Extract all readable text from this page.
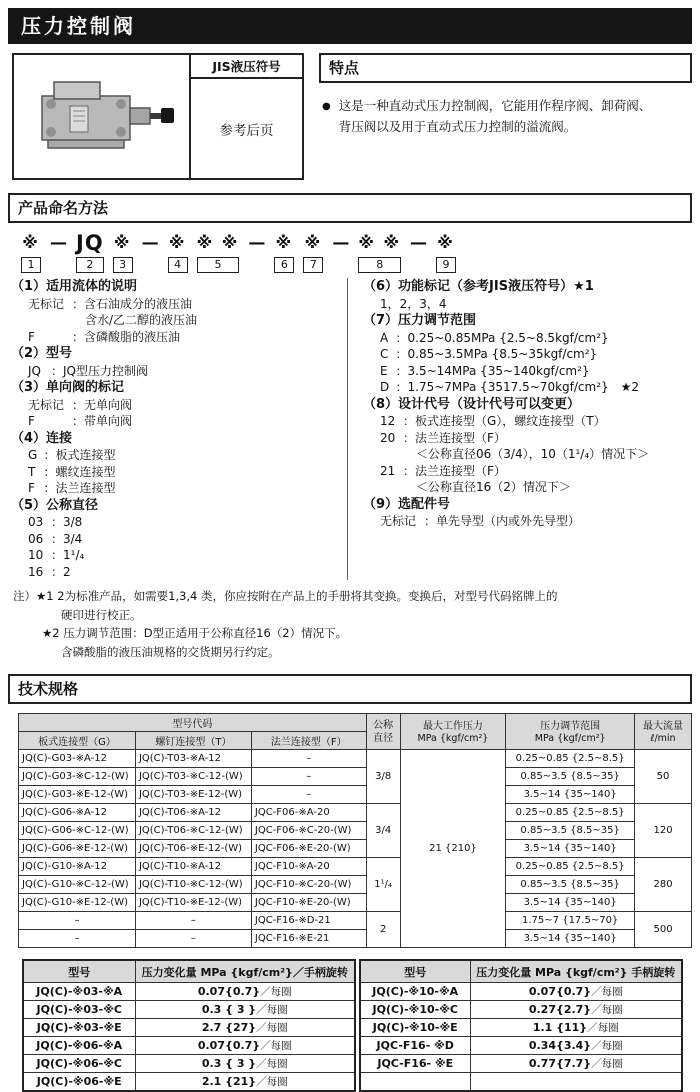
压力控制阀
JIS液压符号
参考后页
特点
● 这是一种直动式压力控制阀，它能用作程序阀、卸荷阀、背压阀以及用于直动式压力控制的溢流阀。
产品命名方法
※
1
— JQ
2
※
3
— ※
4
※ ※
5
— ※
6
※
7
— ※ ※
8
— ※
9
（1）适用流体的说明
无标记 ：含石油成分的液压油
含水/乙二醇的液压油
F	：含磷酸脂的液压油
（2）型号
JQ ：JQ型压力控制阀
（3）单向阀的标记
无标记 ：无单向阀
F	：带单向阀
（4）连接
G ：板式连接型
T ：螺纹连接型
F ：法兰连接型
（5）公称直径
03 ：3/8
06 ：3/4
10 ：1¹/₄
16 ：2
（6）功能标记（参考JIS液压符号）★1
1，2，3，4
（7）压力调节范围
A ：0.25~0.85MPa {2.5~8.5kgf/cm²}
C ：0.85~3.5MPa {8.5~35kgf/cm²}
E ：3.5~14MPa {35~140kgf/cm²}
D ：1.75~7MPa {3517.5~70kgf/cm²}　★2
（8）设计代号（设计代号可以变更）
12 ：板式连接型（G），螺纹连接型（T）
20 ：法兰连接型（F）
＜公称直径06（3/4），10（1¹/₄）情况下＞
21 ：法兰连接型（F）
＜公称直径16（2）情况下＞
（9）选配件号
无标记 ：单先导型（内或外先导型）
注）★1 2为标准产品，如需要1,3,4 类，你应按附在产品上的手册将其变换。变换后，对型号代码铭牌上的
硬印进行校正。
★2 压力调节范围：D型正适用于公称直径16（2）情况下。
含磷酸脂的液压油规格的交货期另行约定。
技术规格
型号代码			公称
直径	最大工作压力
MPa {kgf/cm²}	压力调节范围
MPa {kgf/cm²}	最大流量
ℓ/min

板式连接型（G）	螺钉连接型（T）	法兰连接型（F）				
JQ(C)-G03-※A-12	JQ(C)-T03-※A-12	–	3/8	21 {210}	0.25~0.85 {2.5~8.5}	50
JQ(C)-G03-※C-12-(W)	JQ(C)-T03-※C-12-(W)	–			0.85~3.5 {8.5~35}	
JQ(C)-G03-※E-12-(W)	JQ(C)-T03-※E-12-(W)	–			3.5~14 {35~140}	
JQ(C)-G06-※A-12	JQ(C)-T06-※A-12	JQC-F06-※A-20	3/4		0.25~0.85 {2.5~8.5}	120
JQ(C)-G06-※C-12-(W)	JQ(C)-T06-※C-12-(W)	JQC-F06-※C-20-(W)			0.85~3.5 {8.5~35}	
JQ(C)-G06-※E-12-(W)	JQ(C)-T06-※E-12-(W)	JQC-F06-※E-20-(W)			3.5~14 {35~140}	
JQ(C)-G10-※A-12	JQ(C)-T10-※A-12	JQC-F10-※A-20	1¹/₄		0.25~0.85 {2.5~8.5}	280
JQ(C)-G10-※C-12-(W)	JQ(C)-T10-※C-12-(W)	JQC-F10-※C-20-(W)			0.85~3.5 {8.5~35}	
JQ(C)-G10-※E-12-(W)	JQ(C)-T10-※E-12-(W)	JQC-F10-※E-20-(W)			3.5~14 {35~140}	
–	–	JQC-F16-※D-21	2		1.75~7 {17.5~70}	500
–	–	JQC-F16-※E-21			3.5~14 {35~140}	
型号	压力变化量 MPa {kgf/cm²}／手柄旋转
JQ(C)-※03-※A	0.07{0.7}／每圈
JQ(C)-※03-※C	0.3 { 3 }／每圈
JQ(C)-※03-※E	2.7 {27}／每圈
JQ(C)-※06-※A	0.07{0.7}／每圈
JQ(C)-※06-※C	0.3 { 3 }／每圈
JQ(C)-※06-※E	2.1 {21}／每圈
型号	压力变化量 MPa {kgf/cm²} 手柄旋转
JQ(C)-※10-※A	0.07{0.7}／每圈
JQ(C)-※10-※C	0.27{2.7}／每圈
JQ(C)-※10-※E	1.1 {11}／每圈
JQC-F16- ※D	0.34{3.4}／每圈
JQC-F16- ※E	0.77{7.7}／每圈
